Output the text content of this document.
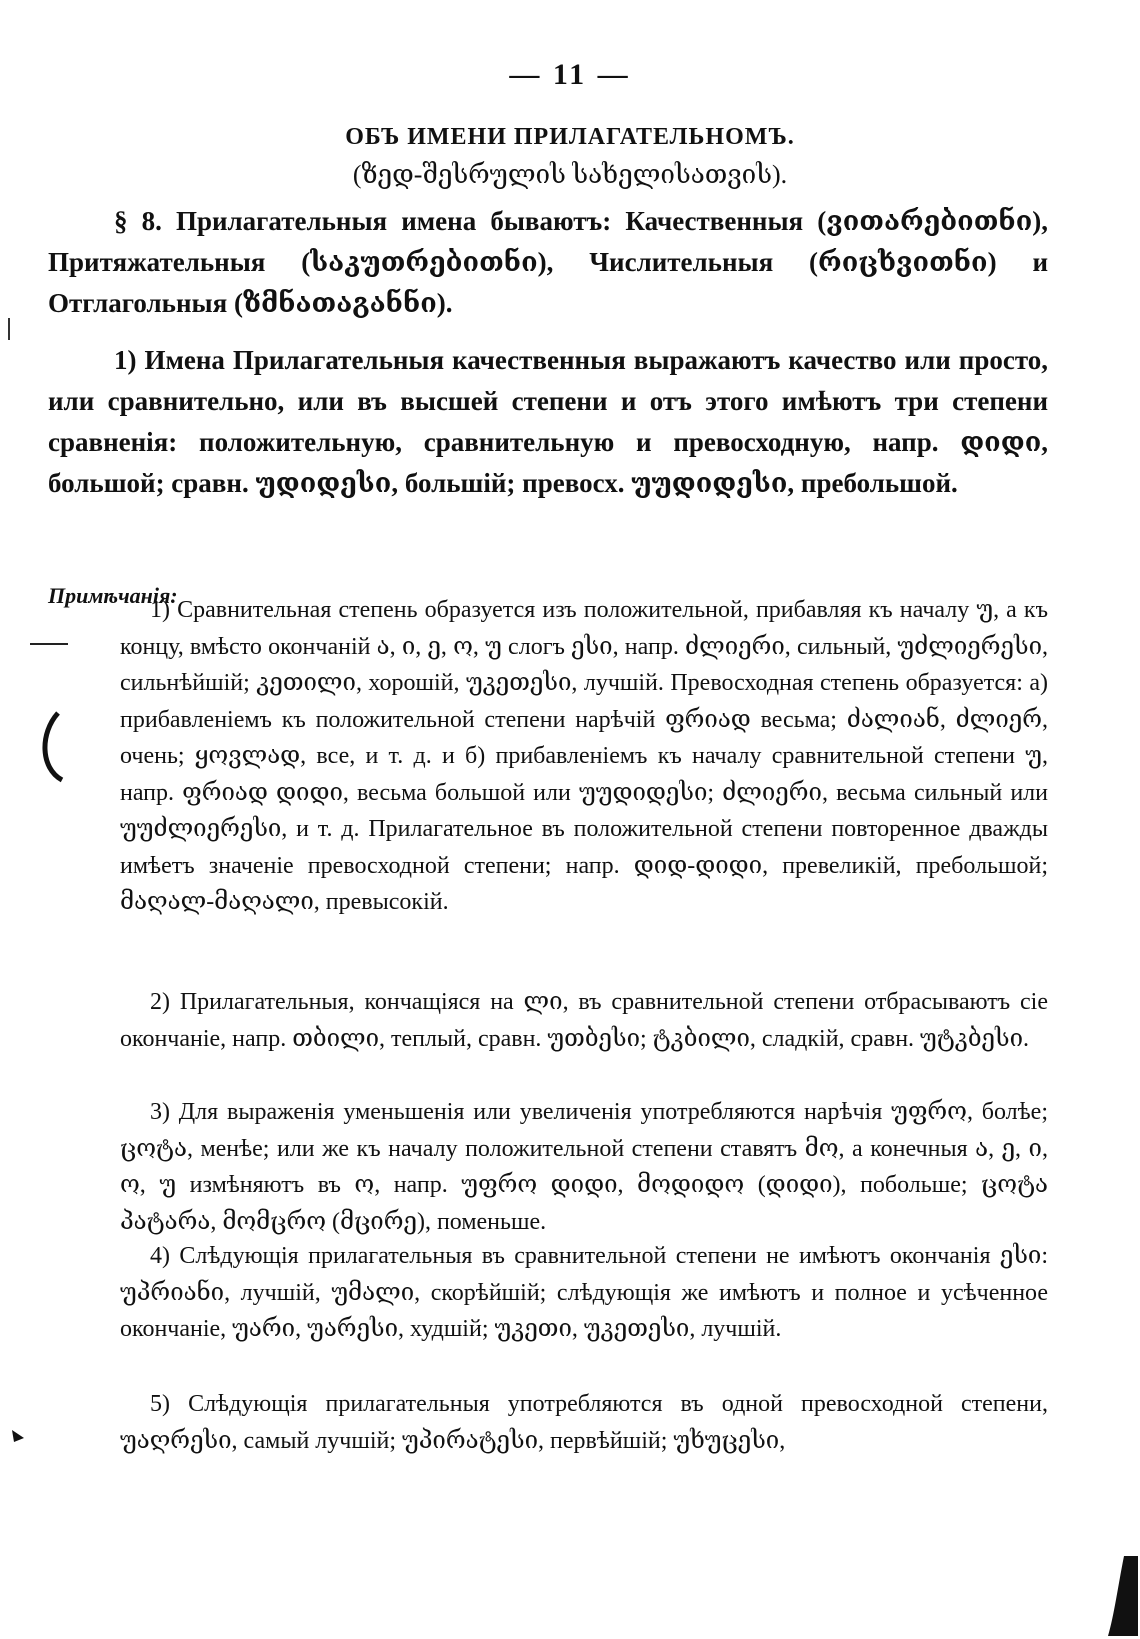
— 11 —
ОБЪ ИМЕНИ ПРИЛАГАТЕЛЬНОМЪ.
(ზედ-შესრულის სახელისათვის).

§ 8. Прилагательныя имена бываютъ: Качественныя (ვითარებითნი), Притяжательныя (საკუთრებითნი), Числительныя (რიცხვითნი) и Отглагольныя (ზმნათაგანნი).

1) Имена Прилагательныя качественныя выражаютъ качество или просто, или сравнительно, или въ высшей степени и отъ этого имѣютъ три степени сравненія: положительную, сравнительную и превосходную, напр. დიდი, большой; сравн. უდიდესი, большій; превосх. უუდიდესი, пребольшой.

Примѣчанія:

1) Сравнительная степень образуется изъ положительной, прибавляя къ началу უ, а къ концу, вмѣсто окончаній ა, ი, ე, ო, უ слогъ ესი, напр. ძლიერი, сильный, უძლიერესი, сильнѣйшій; კეთილი, хорошій, უკეთესი, лучшій. Превосходная степень образуется: а) прибавленіемъ къ положительной степени нарѣчій ფრიად весьма; ძალიან, ძლიერ, очень; ყოვლად, все, и т. д. и б) прибавленіемъ къ началу сравнительной степени უ, напр. ფრიად დიდი, весьма большой или უუდიდესი; ძლიერი, весьма сильный или უუძლიერესი, и т. д. Прилагательное въ положительной степени повторенное дважды имѣетъ значеніе превосходной степени; напр. დიდ-დიდი, превеликій, пребольшой; მაღალ-მაღალი, превысокій.

2) Прилагательныя, кончащіяся на ლი, въ сравнительной степени отбрасываютъ сіе окончаніе, напр. თბილი, теплый, сравн. უთბესი; ტკბილი, сладкій, сравн. უტკბესი.

3) Для выраженія уменьшенія или увеличенія употребляются нарѣчія უფრო, болѣе; ცოტა, менѣе; или же къ началу положительной степени ставятъ მო, а конечныя ა, ე, ი, ო, უ измѣняютъ въ ო, напр. უფრო დიდი, მოდიდო (დიდი), побольше; ცოტა პატარა, მომცრო (მცირე), поменьше.

4) Слѣдующія прилагательныя въ сравнительной степени не имѣютъ окончанія ესი: უპრიანი, лучшій, უმალი, скорѣйшій; слѣдующія же имѣютъ и полное и усѣченное окончаніе, უარი, უარესი, худшій; უკეთი, უკეთესი, лучшій.

5) Слѣдующія прилагательныя употребляются въ одной превосходной степени, უაღრესი, самый лучшій; უპირატესი, первѣйшій; უხუცესი,
